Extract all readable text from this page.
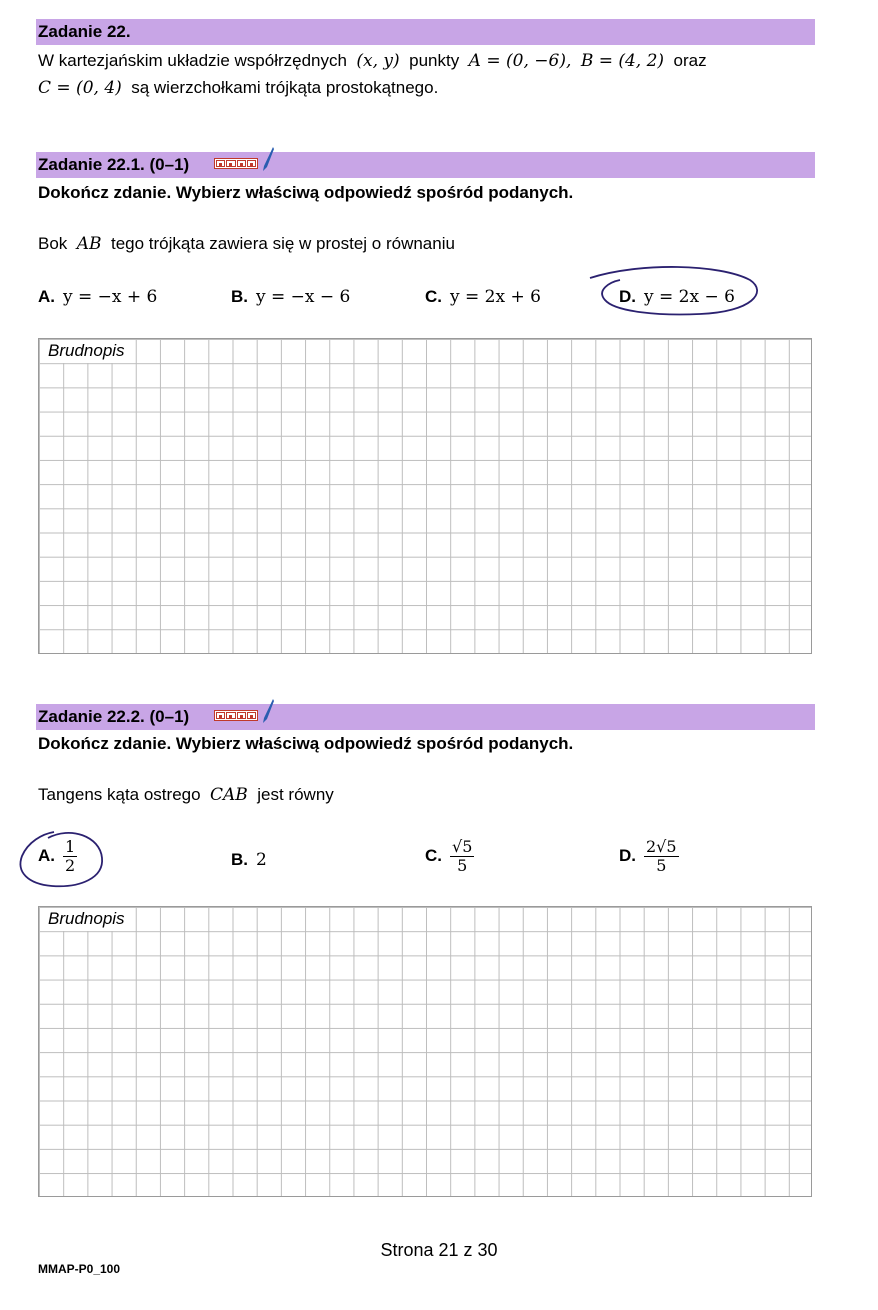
Zadanie 22.
W kartezjańskim układzie współrzędnych (x, y) punkty A = (0, −6), B = (4, 2) oraz
C = (0, 4) są wierzchołkami trójkąta prostokątnego.
Zadanie 22.1. (0–1)
Dokończ zdanie. Wybierz właściwą odpowiedź spośród podanych.
Bok AB tego trójkąta zawiera się w prostej o równaniu
A. y = −x + 6	B. y = −x − 6	C. y = 2x + 6	D. y = 2x − 6
Brudnopis
Zadanie 22.2. (0–1)
Dokończ zdanie. Wybierz właściwą odpowiedź spośród podanych.
Tangens kąta ostrego CAB jest równy
A. $\frac{1}{2}$	B. 2	C. $\frac{√5}{5}$	D. $\frac{2√5}{5}$
Brudnopis
Strona 21 z 30
MMAP-P0_100
